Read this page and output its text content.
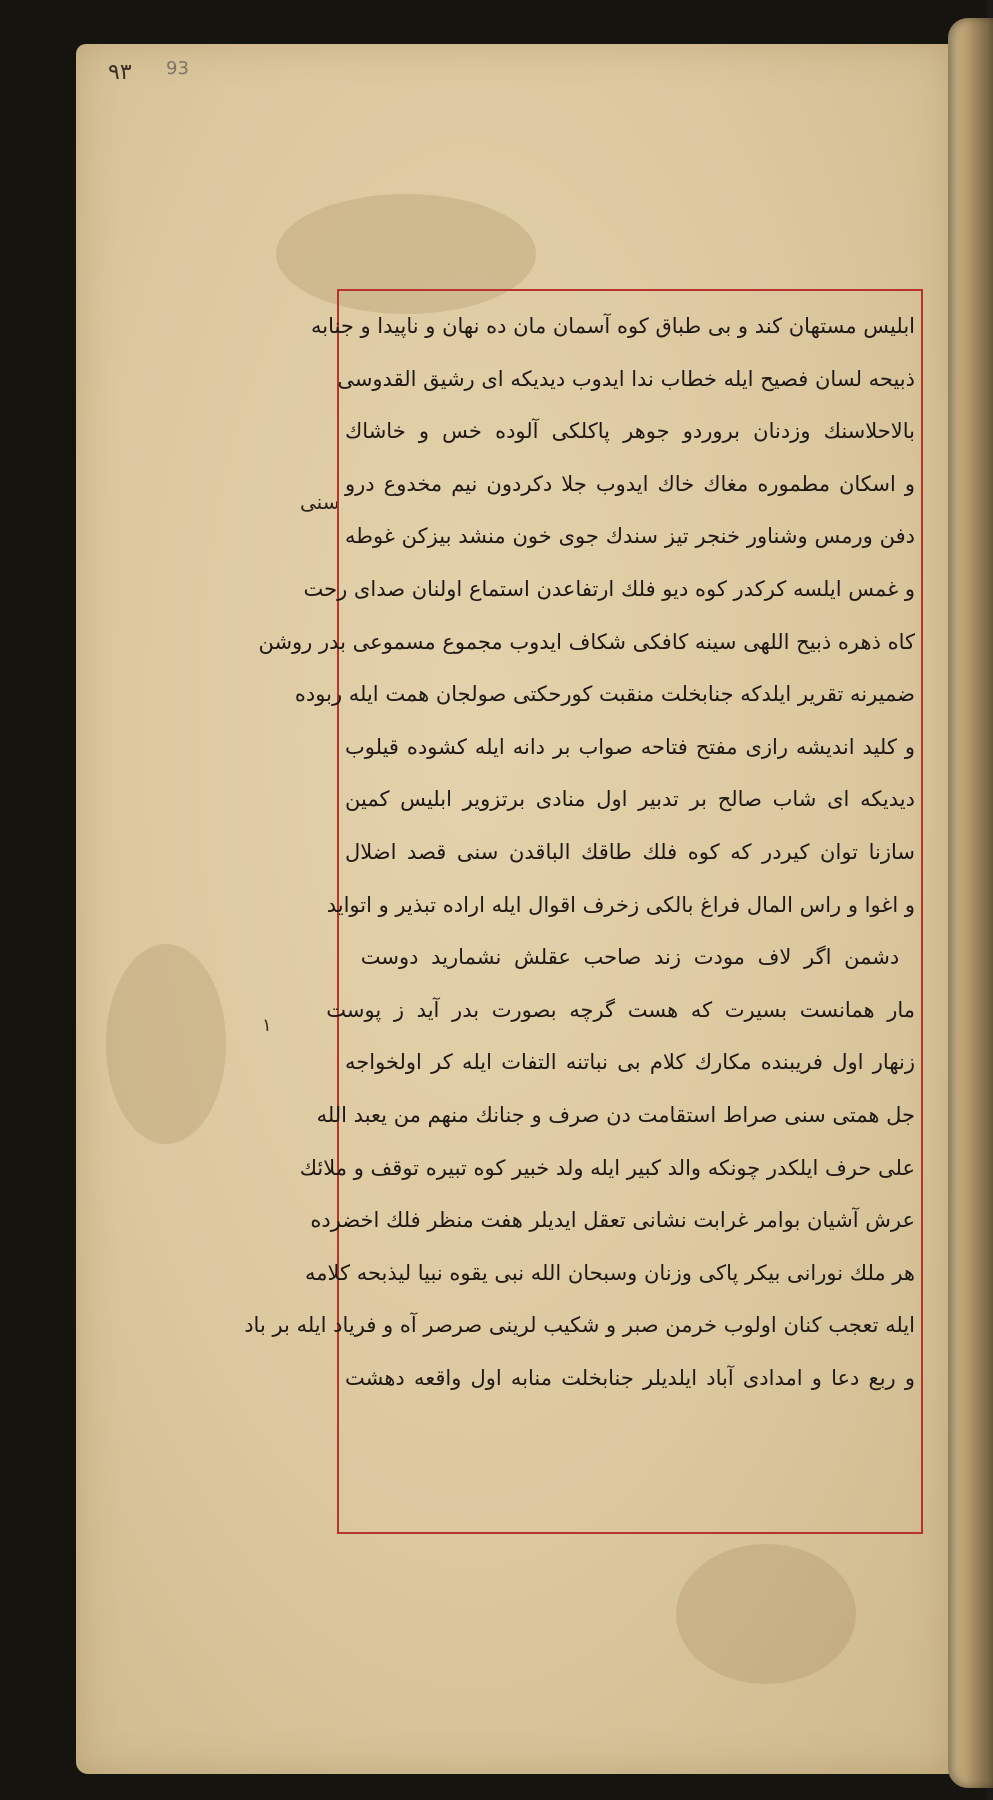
٩٣ 93
سنی
۱
ابلیس مستهان کند و بی طباق کوه آسمان مان ده نهان و ناپیدا و جنابه
ذبیحه لسان فصیح ایله خطاب ندا ایدوب دیدیکه ای رشیق القدوسی
بالاحلاسنك وزدنان بروردو جوهر پاکلکی آلوده خس و خاشاك
و اسکان مطموره مغاك خاك ایدوب جلا دکردون نیم مخدوع درو
دفن ورمس وشناور خنجر تیز سندك جوی خون منشد بیزکن غوطه
و غمس ایلسه کرکدر کوه دیو فلك ارتفاعدن استماع اولنان صدای رحت
کاه ذهره ذبیح اللهی سینه کافکی شکاف ایدوب مجموع مسموعی بدر روشن
ضمیرنه تقریر ایلدکه جنابخلت منقبت کورحکتی صولجان همت ایله ربوده
و کلید اندیشه رازی مفتح فتاحه صواب بر دانه ایله کشوده قیلوب
دیدیکه ای شاب صالح بر تدبیر اول منادی برتزویر ابلیس کمین
سازنا توان کیردر که کوه فلك طاقك الباقدن سنی قصد اضلال
و اغوا و راس المال فراغ بالکی زخرف اقوال ایله اراده تبذیر و اتواید
دشمن اگر لاف مودت زند صاحب عقلش نشمارید دوست
مار همانست بسیرت که هست گرچه بصورت بدر آید ز پوست
زنهار اول فریبنده مکارك کلام بی نباتنه التفات ایله کر اولخواجه
جل همتی سنی صراط استقامت دن صرف و جنانك منهم من یعبد الله
علی حرف ایلکدر چونکه والد کبیر ایله ولد خبیر کوه تبیره توقف و ملائك
عرش آشیان بوامر غرابت نشانی تعقل ایدیلر هفت منظر فلك اخضرده
هر ملك نورانی بیکر پاکی وزنان وسبحان الله نبی یقوه نبیا لیذبحه کلامه
ایله تعجب کنان اولوب خرمن صبر و شکیب لرینی صرصر آه و فریاد ایله بر باد
و ربع دعا و امدادی آباد ایلدیلر جنابخلت منابه اول واقعه دهشت
